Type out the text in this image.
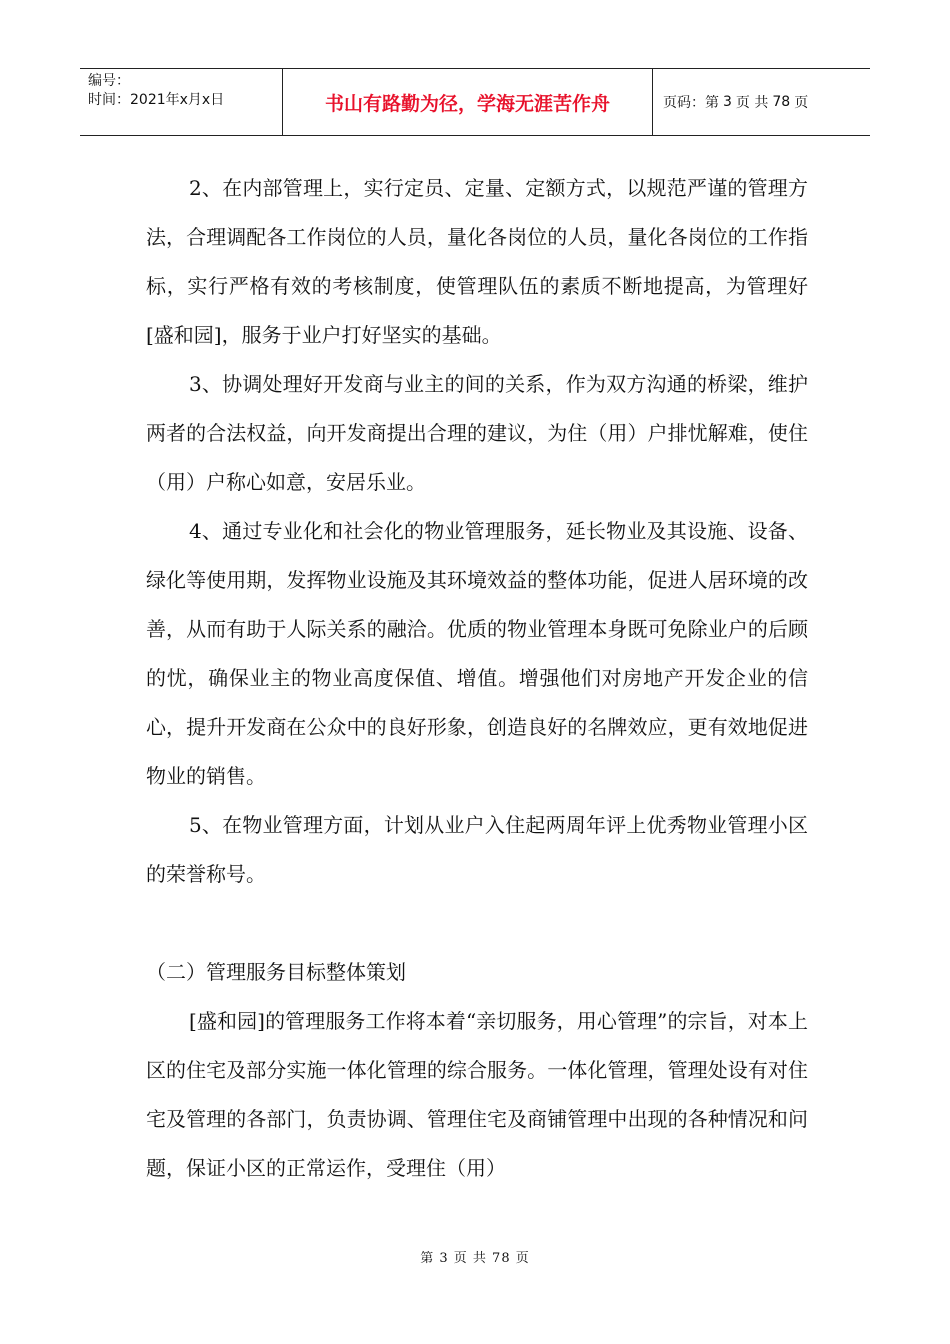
编号：
时间：2021年x月x日	书山有路勤为径，学海无涯苦作舟	页码：第 3 页 共 78 页

2、在内部管理上，实行定员、定量、定额方式，以规范严谨的管理方法，合理调配各工作岗位的人员，量化各岗位的人员，量化各岗位的工作指标，实行严格有效的考核制度，使管理队伍的素质不断地提高，为管理好[盛和园]，服务于业户打好坚实的基础。

3、协调处理好开发商与业主的间的关系，作为双方沟通的桥梁，维护两者的合法权益，向开发商提出合理的建议，为住（用）户排忧解难，使住（用）户称心如意，安居乐业。

4、通过专业化和社会化的物业管理服务，延长物业及其设施、设备、绿化等使用期，发挥物业设施及其环境效益的整体功能，促进人居环境的改善，从而有助于人际关系的融洽。优质的物业管理本身既可免除业户的后顾的忧，确保业主的物业高度保值、增值。增强他们对房地产开发企业的信心，提升开发商在公众中的良好形象，创造良好的名牌效应，更有效地促进物业的销售。

5、在物业管理方面，计划从业户入住起两周年评上优秀物业管理小区的荣誉称号。

（二）管理服务目标整体策划

[盛和园]的管理服务工作将本着“亲切服务，用心管理”的宗旨，对本上区的住宅及部分实施一体化管理的综合服务。一体化管理，管理处设有对住宅及管理的各部门，负责协调、管理住宅及商铺管理中出现的各种情况和问题，保证小区的正常运作，受理住（用）

第 3 页 共 78 页
